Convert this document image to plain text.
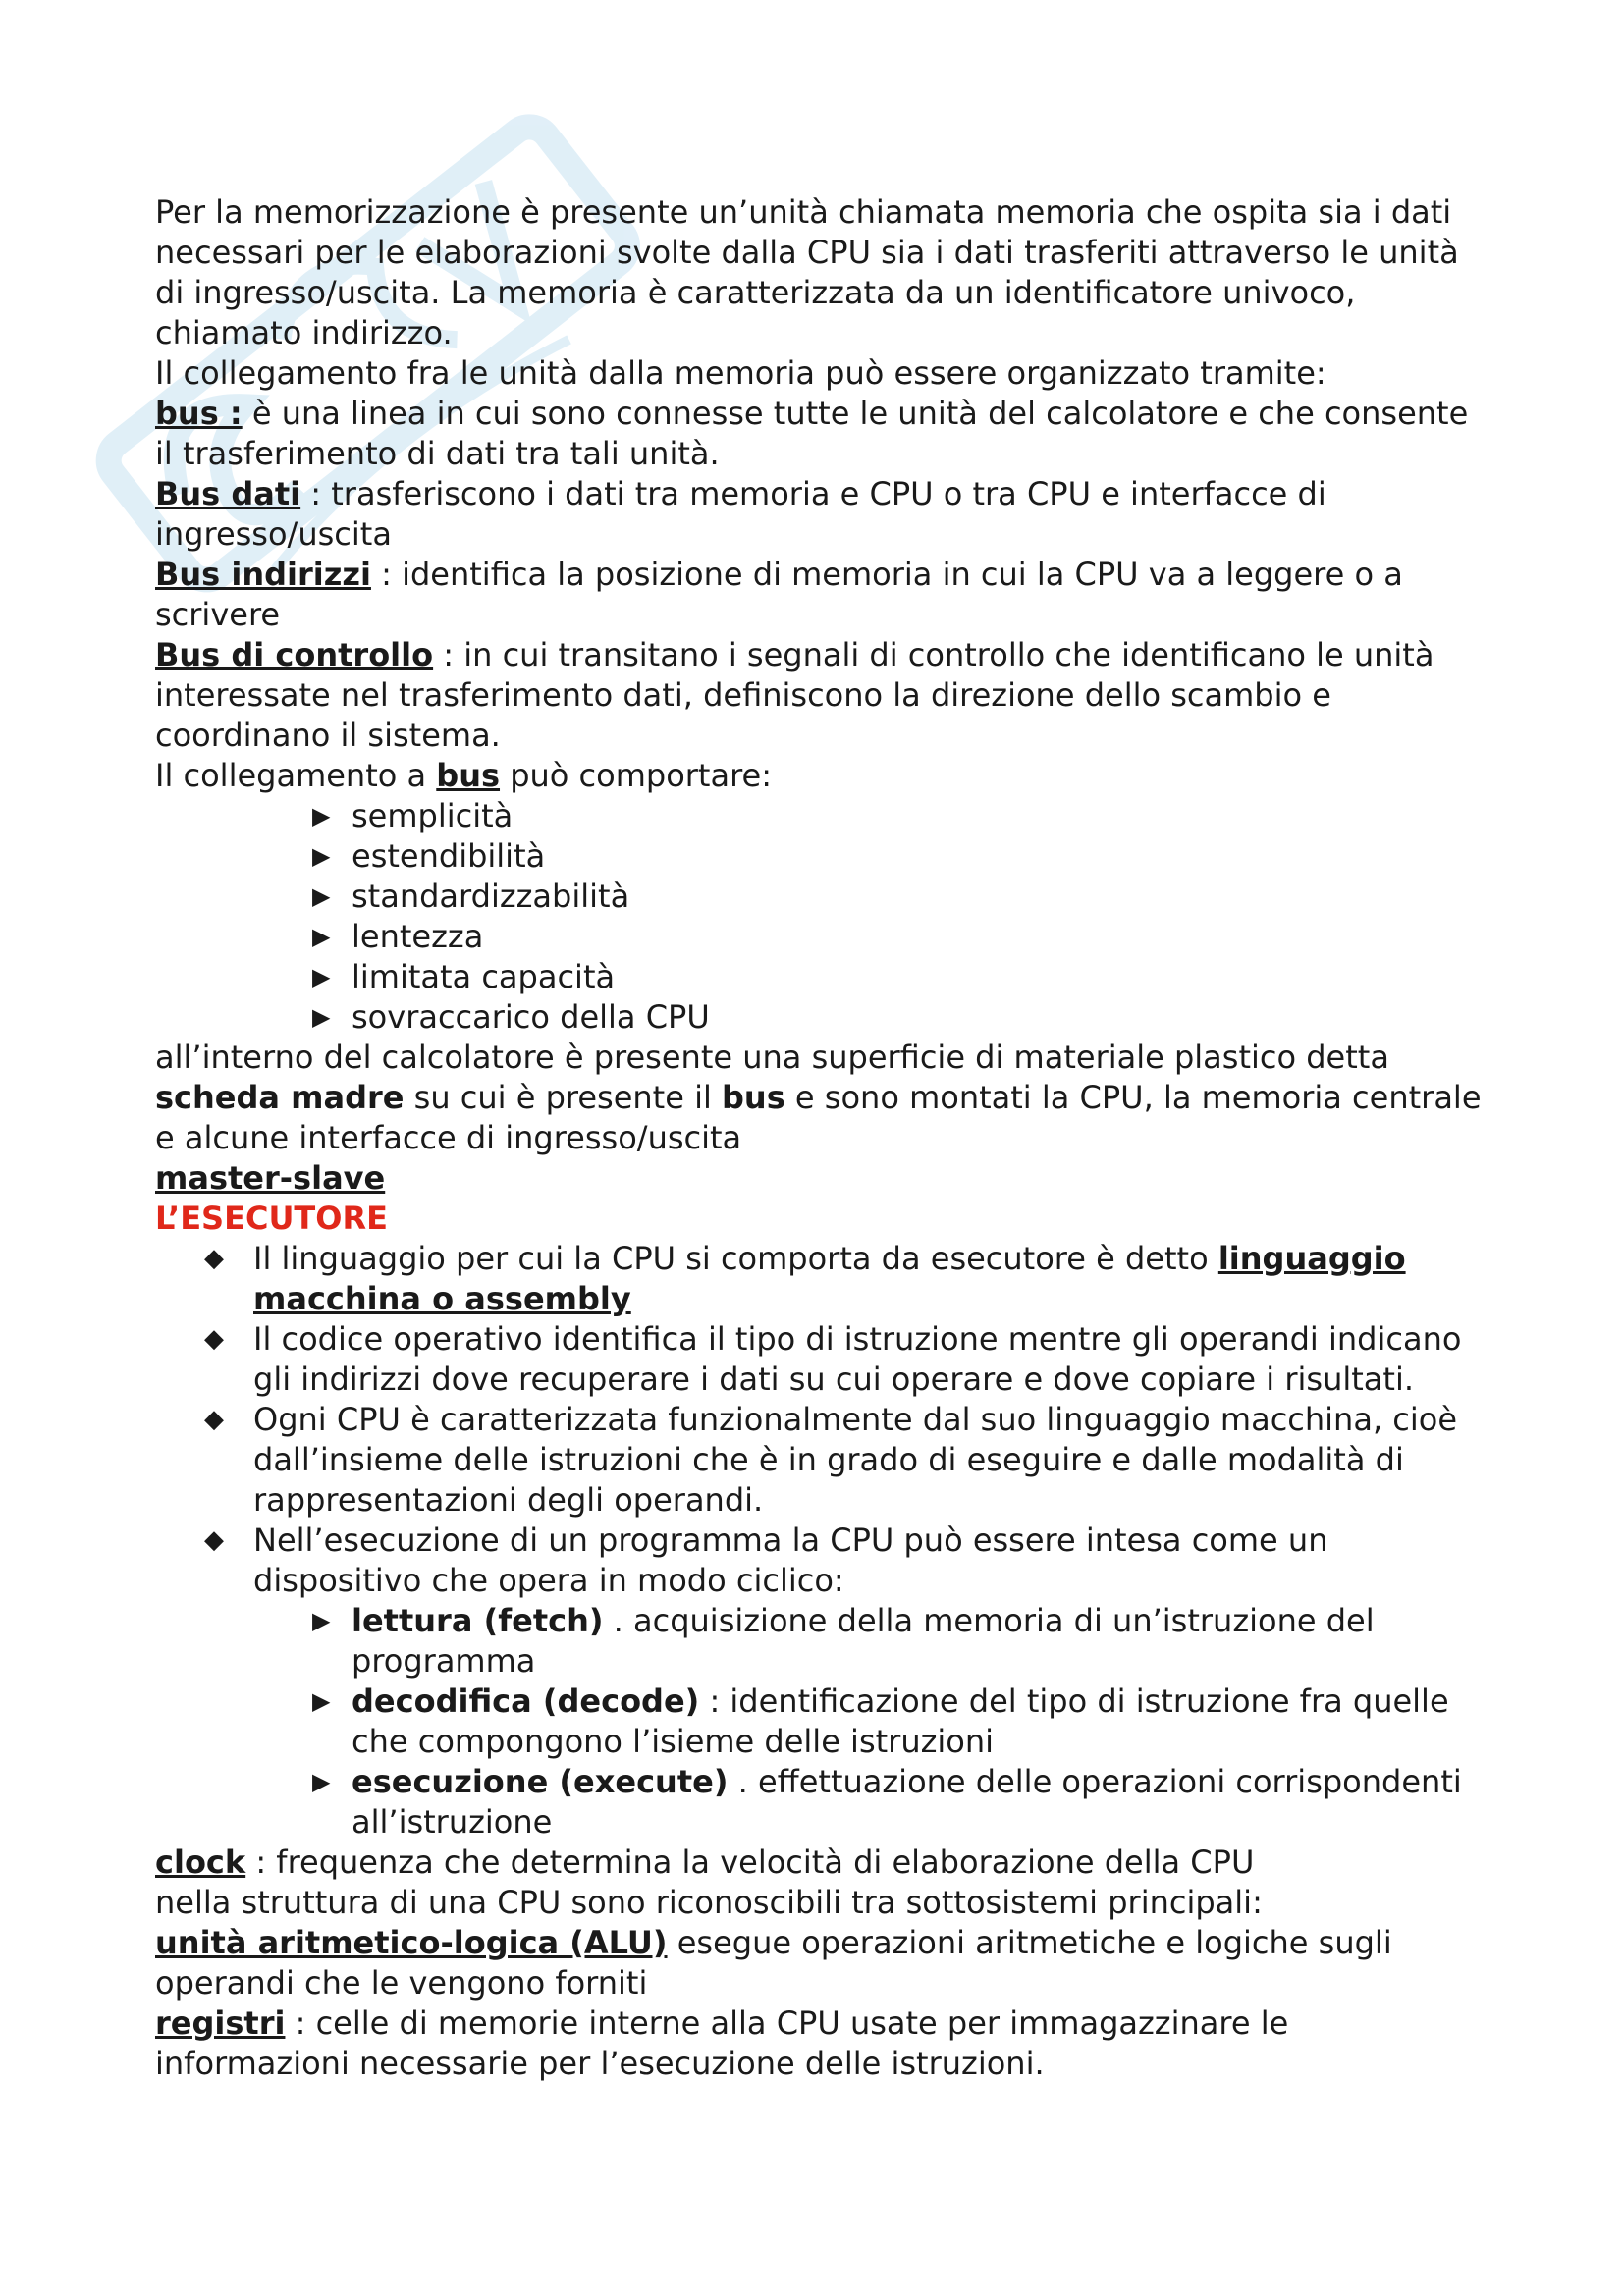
Per la memorizzazione è presente un’unità chiamata memoria che ospita sia i dati necessari per le elaborazioni svolte dalla CPU sia i dati trasferiti attraverso le unità di ingresso/uscita. La memoria è caratterizzata da un identificatore univoco, chiamato indirizzo.

Il collegamento fra le unità dalla memoria può essere organizzato tramite:

bus : è una linea in cui sono connesse tutte le unità del calcolatore e che consente il trasferimento di dati tra tali unità.

Bus dati : trasferiscono i dati tra memoria e CPU o tra CPU e interfacce di ingresso/uscita

Bus indirizzi : identifica la posizione di memoria in cui la CPU va a leggere o a scrivere

Bus di controllo : in cui transitano i segnali di controllo che identificano le unità interessate nel trasferimento dati, definiscono la direzione dello scambio e coordinano il sistema.

Il collegamento a bus può comportare:

▶ semplicità
▶ estendibilità
▶ standardizzabilità
▶ lentezza
▶ limitata capacità
▶ sovraccarico della CPU

all’interno del calcolatore è presente una superficie di materiale plastico detta scheda madre su cui è presente il bus e sono montati la CPU, la memoria centrale e alcune interfacce di ingresso/uscita

master-slave

L’ESECUTORE

◆ Il linguaggio per cui la CPU si comporta da esecutore è detto linguaggio macchina o assembly
◆ Il codice operativo identifica il tipo di istruzione mentre gli operandi indicano gli indirizzi dove recuperare i dati su cui operare e dove copiare i risultati.
◆ Ogni CPU è caratterizzata funzionalmente dal suo linguaggio macchina, cioè dall’insieme delle istruzioni che è in grado di eseguire e dalle modalità di rappresentazioni degli operandi.
◆ Nell’esecuzione di un programma la CPU può essere intesa come un dispositivo che opera in modo ciclico:
▶ lettura (fetch) . acquisizione della memoria di un’istruzione del programma
▶ decodifica (decode) : identificazione del tipo di istruzione fra quelle che compongono l’isieme delle istruzioni
▶ esecuzione (execute) . effettuazione delle operazioni corrispondenti all’istruzione

clock : frequenza che determina la velocità di elaborazione della CPU

nella struttura di una CPU sono riconoscibili tra sottosistemi principali:

unità aritmetico-logica (ALU) esegue operazioni aritmetiche e logiche sugli operandi che le vengono forniti

registri : celle di memorie interne alla CPU usate per immagazzinare le informazioni necessarie per l’esecuzione delle istruzioni.
